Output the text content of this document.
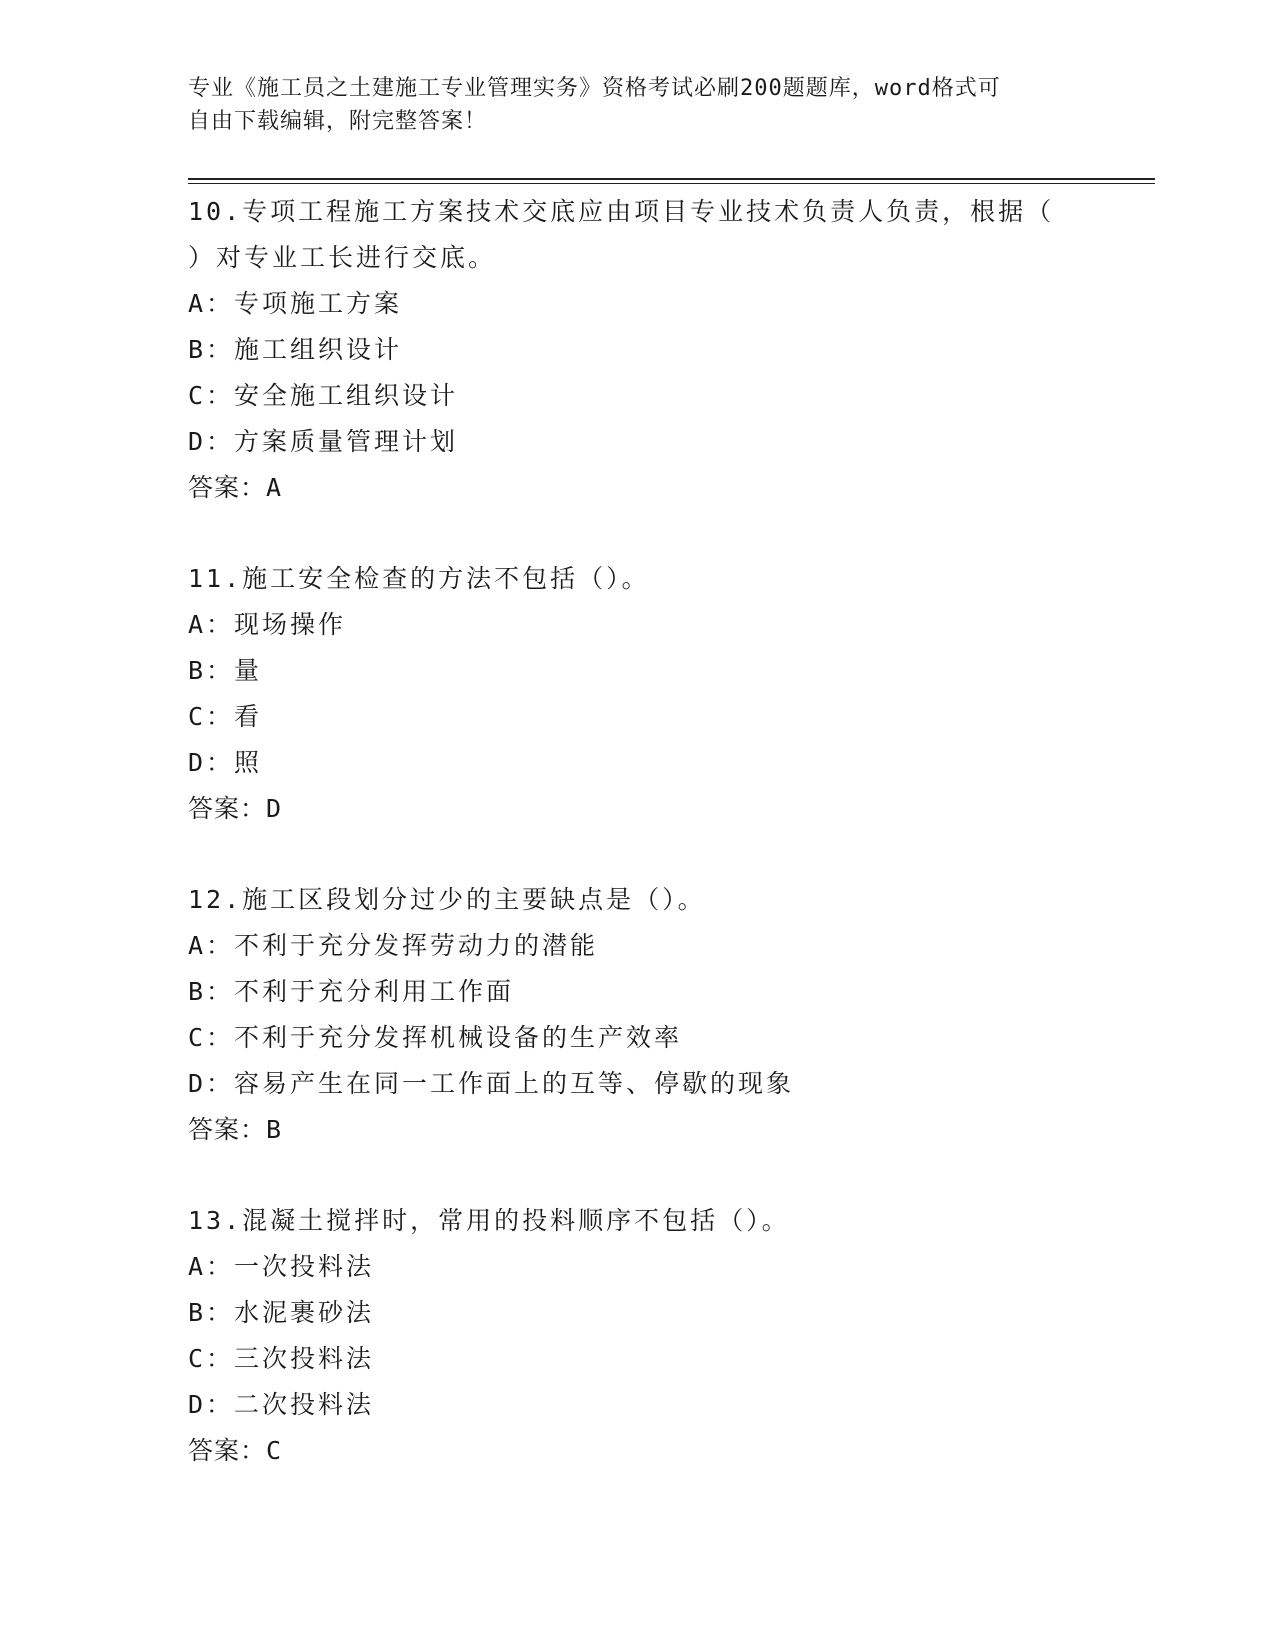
专业《施工员之土建施工专业管理实务》资格考试必刷200题题库，word格式可
自由下载编辑，附完整答案！
10.专项工程施工方案技术交底应由项目专业技术负责人负责，根据（
）对专业工长进行交底。
A：专项施工方案
B：施工组织设计
C：安全施工组织设计
D：方案质量管理计划
答案：A
11.施工安全检查的方法不包括（）。
A：现场操作
B：量
C：看
D：照
答案：D
12.施工区段划分过少的主要缺点是（）。
A：不利于充分发挥劳动力的潜能
B：不利于充分利用工作面
C：不利于充分发挥机械设备的生产效率
D：容易产生在同一工作面上的互等、停歇的现象
答案：B
13.混凝土搅拌时，常用的投料顺序不包括（）。
A：一次投料法
B：水泥裹砂法
C：三次投料法
D：二次投料法
答案：C
